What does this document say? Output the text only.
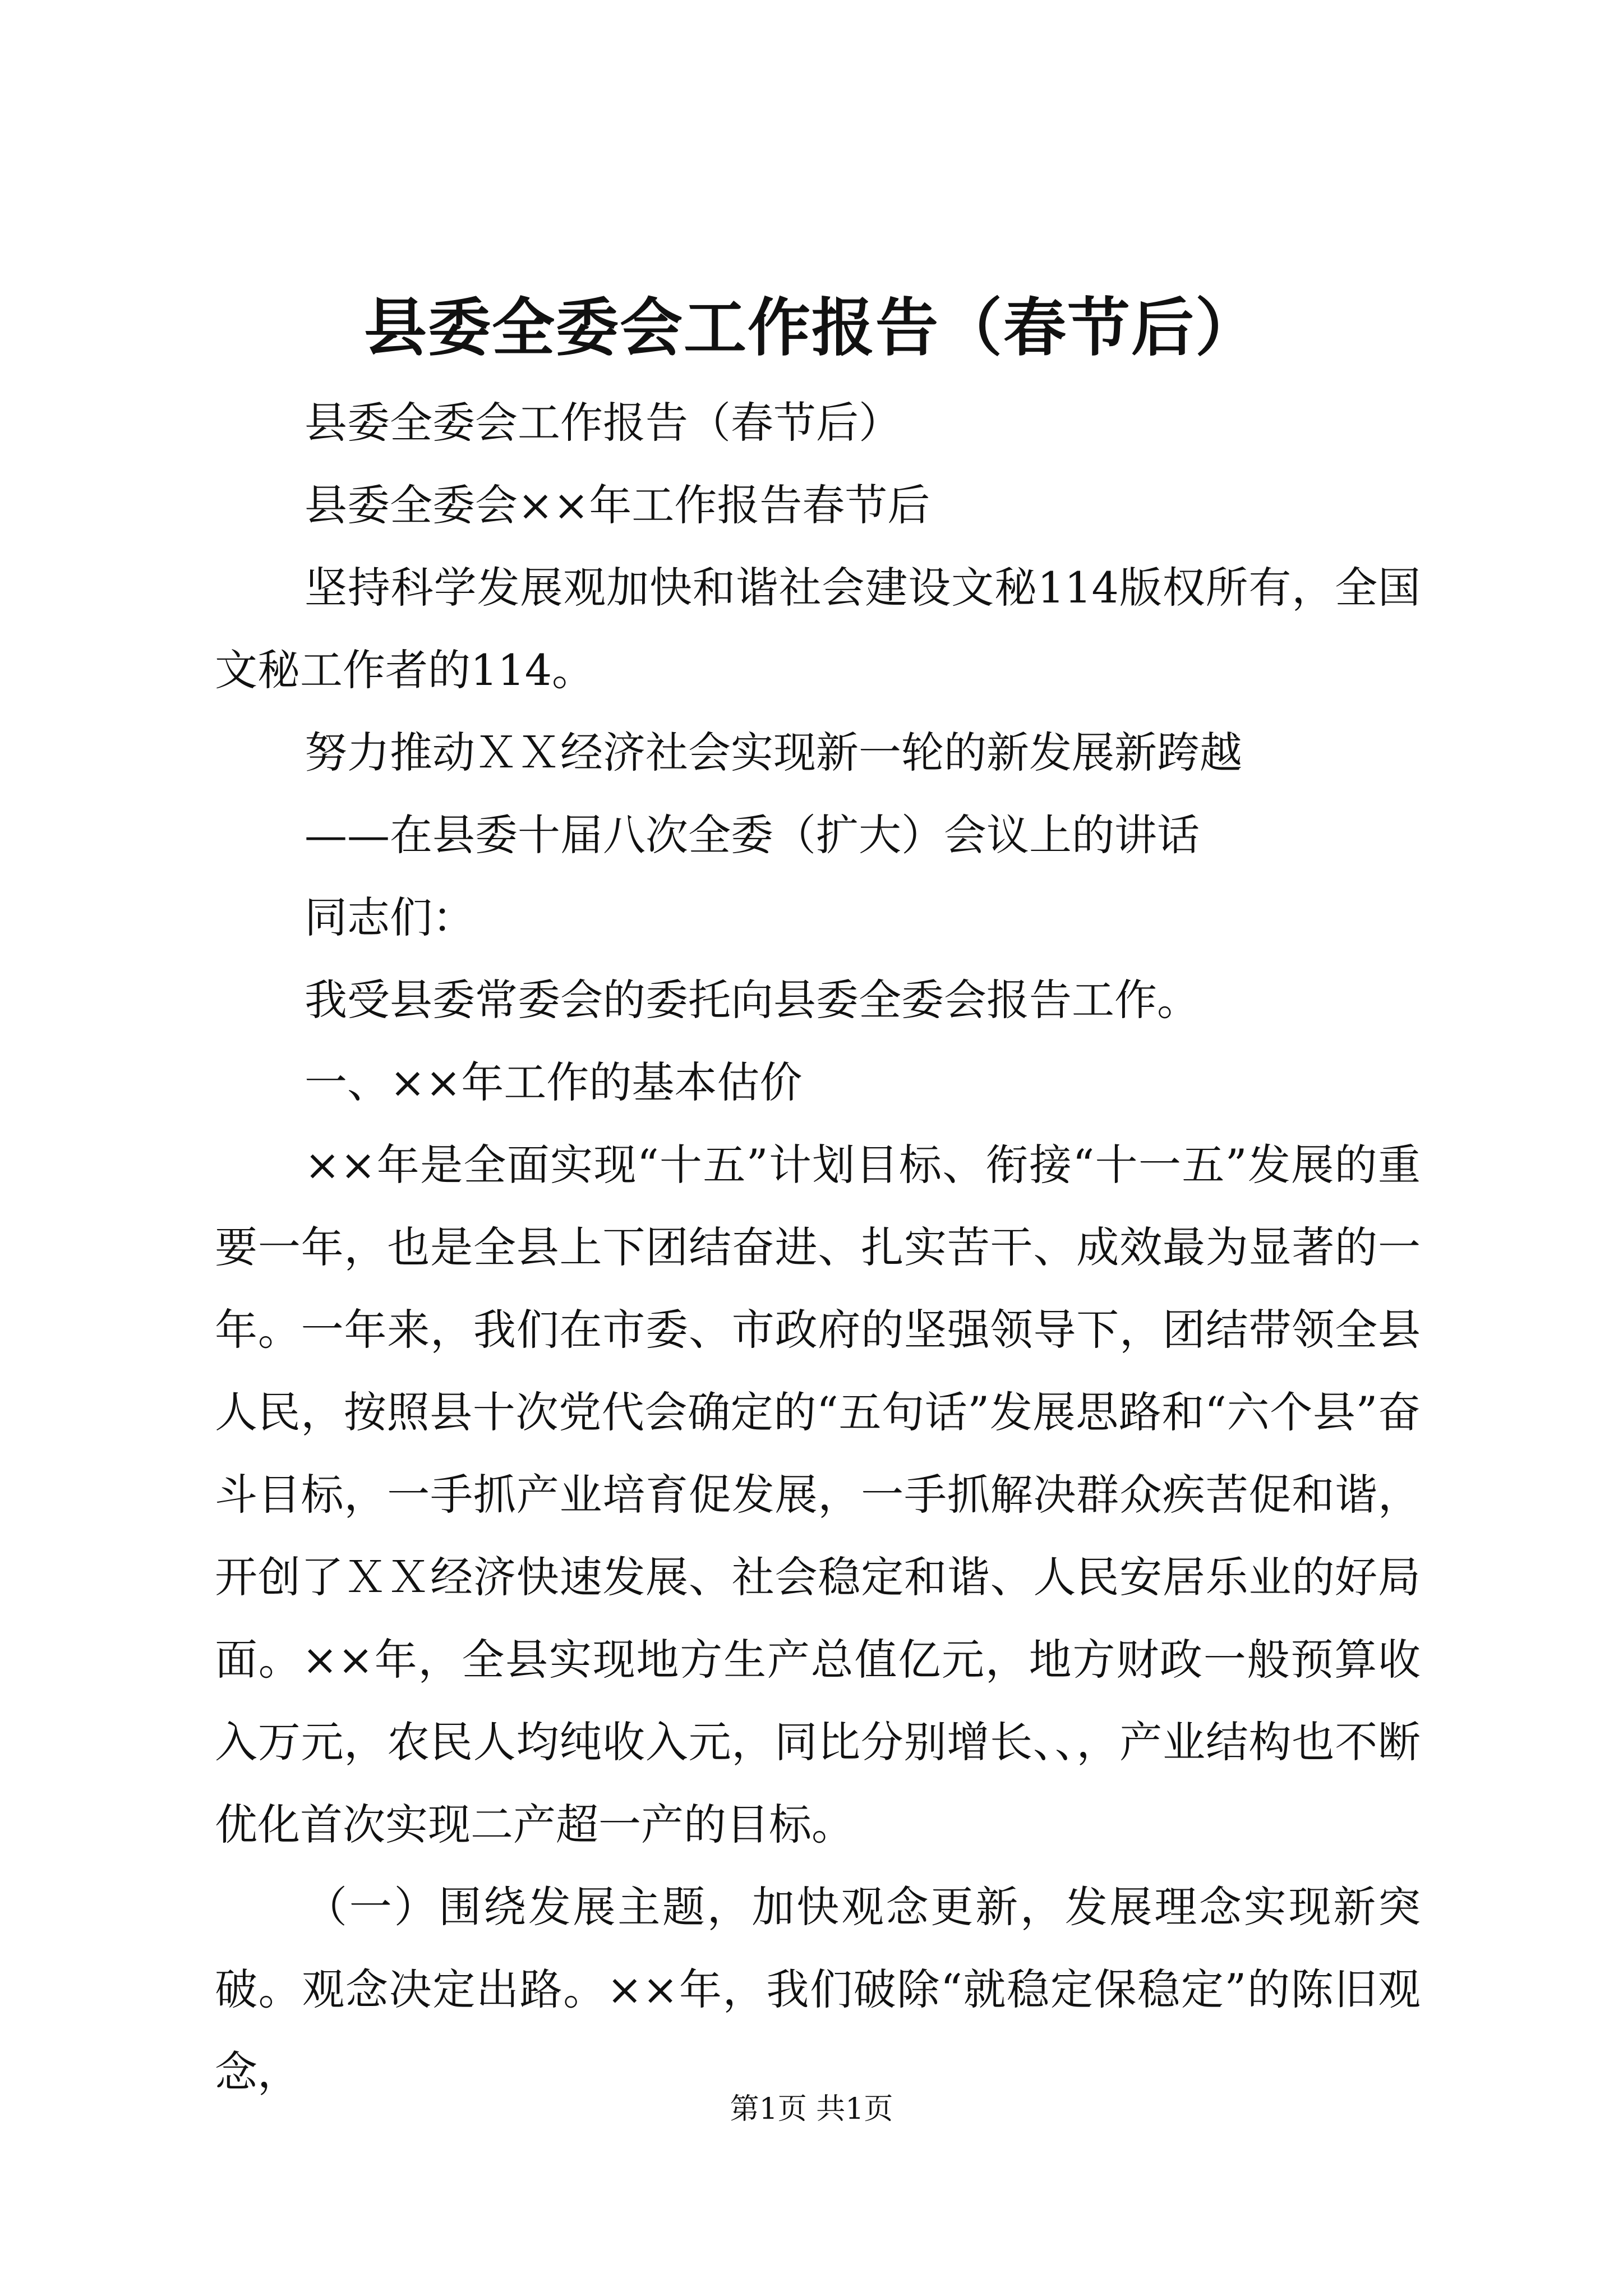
县委全委会工作报告（春节后）

县委全委会工作报告（春节后）

县委全委会××年工作报告春节后

坚持科学发展观加快和谐社会建设文秘114版权所有，全国文秘工作者的114。

努力推动ＸＸ经济社会实现新一轮的新发展新跨越

——在县委十届八次全委（扩大）会议上的讲话

同志们：

我受县委常委会的委托向县委全委会报告工作。

一、××年工作的基本估价

××年是全面实现“十五”计划目标、衔接“十一五”发展的重要一年，也是全县上下团结奋进、扎实苦干、成效最为显著的一年。一年来，我们在市委、市政府的坚强领导下，团结带领全县人民，按照县十次党代会确定的“五句话”发展思路和“六个县”奋斗目标，一手抓产业培育促发展，一手抓解决群众疾苦促和谐，开创了ＸＸ经济快速发展、社会稳定和谐、人民安居乐业的好局面。××年，全县实现地方生产总值亿元，地方财政一般预算收入万元，农民人均纯收入元，同比分别增长、、，产业结构也不断优化首次实现二产超一产的目标。

（一）围绕发展主题，加快观念更新，发展理念实现新突破。观念决定出路。××年，我们破除“就稳定保稳定”的陈旧观念，

第1页 共1页
